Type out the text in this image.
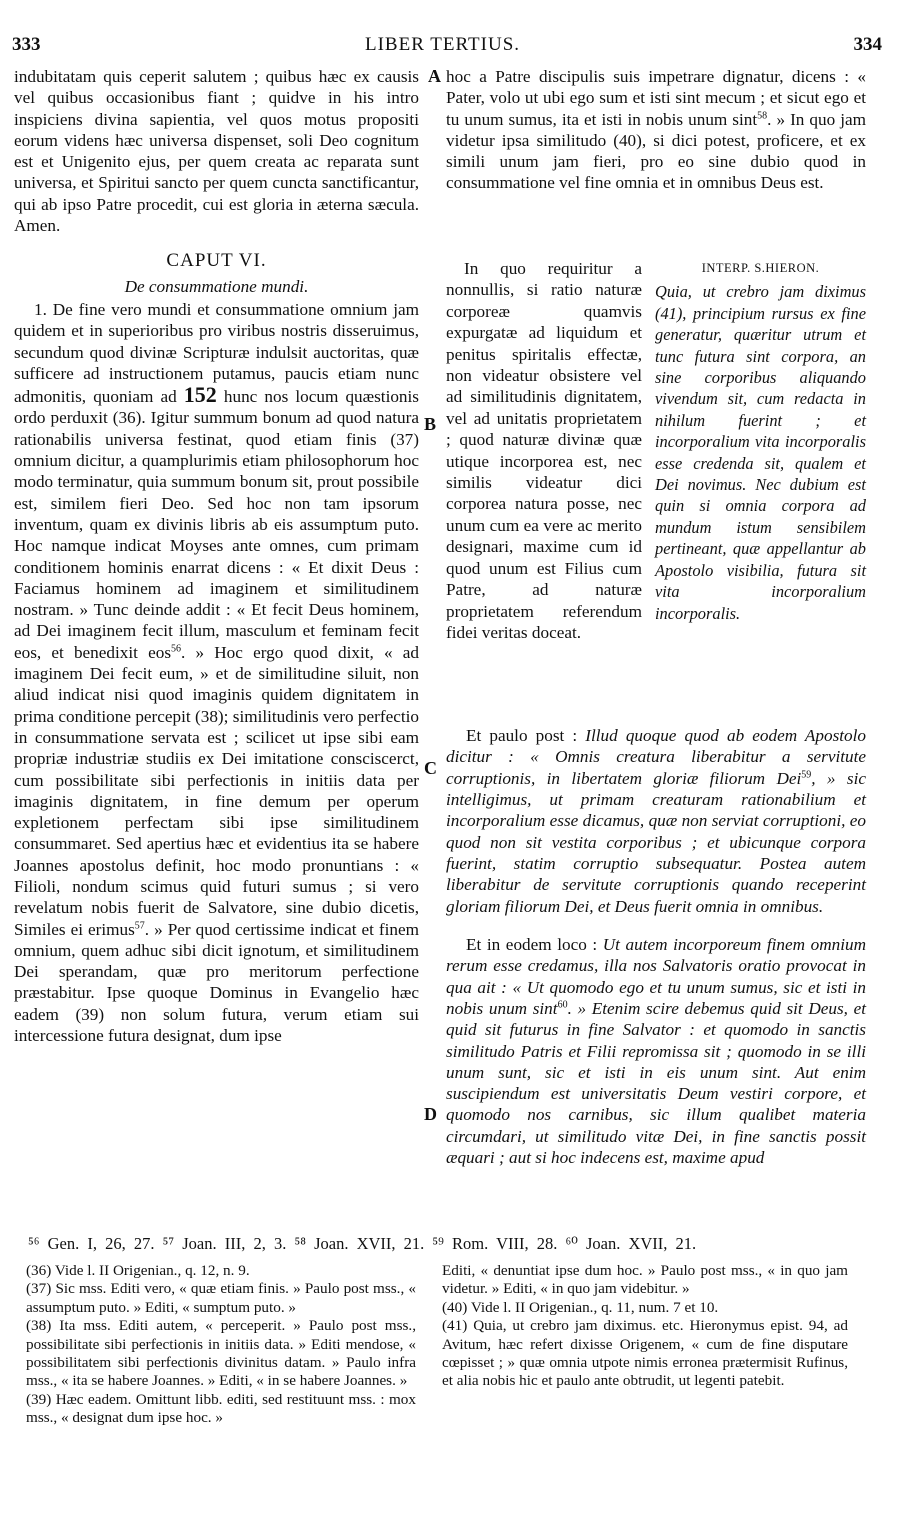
333	LIBER TERTIUS.	334

indubitatam quis ceperit salutem ; quibus hæc ex causis vel quibus occasionibus fiant ; quidve in his intro inspiciens divina sapientia, vel quos motus propositi eorum videns hæc universa dispenset, soli Deo cognitum est et Unigenito ejus, per quem creata ac reparata sunt universa, et Spiritui sancto per quem cuncta sanctificantur, qui ab ipso Patre procedit, cui est gloria in æterna sæcula. Amen.

CAPUT VI.
De consummatione mundi.

1. De fine vero mundi et consummatione omnium jam quidem et in superioribus pro viribus nostris disseruimus, secundum quod divinæ Scripturæ indulsit auctoritas, quæ sufficere ad instructionem putamus, paucis etiam nunc admonitis, quoniam ad 152 hunc nos locum quæstionis ordo perduxit (36). Igitur summum bonum ad quod natura rationabilis universa festinat, quod etiam finis (37) omnium dicitur, a quamplurimis etiam philosophorum hoc modo terminatur, quia summum bonum sit, prout possibile est, similem fieri Deo. Sed hoc non tam ipsorum inventum, quam ex divinis libris ab eis assumptum puto. Hoc namque indicat Moyses ante omnes, cum primam conditionem hominis enarrat dicens : « Et dixit Deus : Faciamus hominem ad imaginem et similitudinem nostram. » Tunc deinde addit : « Et fecit Deus hominem, ad Dei imaginem fecit illum, masculum et feminam fecit eos, et benedixit eos$^{56}$. » Hoc ergo quod dixit, « ad imaginem Dei fecit eum, » et de similitudine siluit, non aliud indicat nisi quod imaginis quidem dignitatem in prima conditione percepit (38); similitudinis vero perfectio in consummatione servata est ; scilicet ut ipse sibi eam propriæ industriæ studiis ex Dei imitatione consciscerct, cum possibilitate sibi perfectionis in initiis data per imaginis dignitatem, in fine demum per operum expletionem perfectam sibi ipse similitudinem consummaret. Sed apertius hæc et evidentius ita se habere Joannes apostolus definit, hoc modo pronuntians : « Filioli, nondum scimus quid futuri sumus ; si vero revelatum nobis fuerit de Salvatore, sine dubio dicetis, Similes ei erimus$^{57}$. » Per quod certissime indicat et finem omnium, quem adhuc sibi dicit ignotum, et similitudinem Dei sperandam, quæ pro meritorum perfectione præstabitur. Ipse quoque Dominus in Evangelio hæc eadem (39) non solum futura, verum etiam sui intercessione futura designat, dum ipse

hoc a Patre discipulis suis impetrare dignatur, dicens : « Pater, volo ut ubi ego sum et isti sint mecum ; et sicut ego et tu unum sumus, ita et isti in nobis unum sint$^{58}$. » In quo jam videtur ipsa similitudo (40), si dici potest, proficere, et ex simili unum jam fieri, pro eo sine dubio quod in consummatione vel fine omnia et in omnibus Deus est.

In quo requiritur a nonnullis, si ratio naturæ corporeæ quamvis expurgatæ ad liquidum et penitus spiritalis effectæ, non videatur obsistere vel ad similitudinis dignitatem, vel ad unitatis proprietatem ; quod naturæ divinæ quæ utique incorporea est, nec similis videatur dici corporea natura posse, nec unum cum ea vere ac merito designari, maxime cum id quod unum est Filius cum Patre, ad naturæ proprietatem referendum fidei veritas doceat.
INTERP. S.HIERON.
Quia, ut crebro jam diximus (41), principium rursus ex fine generatur, quæritur utrum et tunc futura sint corpora, an sine corporibus aliquando vivendum sit, cum redacta in nihilum fuerint ; et incorporalium vita incorporalis esse credenda sit, qualem et Dei novimus. Nec dubium est quin si omnia corpora ad mundum istum sensibilem pertineant, quæ appellantur ab Apostolo visibilia, futura sit vita incorporalium incorporalis.

Et paulo post : Illud quoque quod ab eodem Apostolo dicitur : « Omnis creatura liberabitur a servitute corruptionis, in libertatem gloriæ filiorum Dei$^{59}$, » sic intelligimus, ut primam creaturam rationabilium et incorporalium esse dicamus, quæ non serviat corruptioni, eo quod non sit vestita corporibus ; et ubicunque corpora fuerint, statim corruptio subsequatur. Postea autem liberabitur de servitute corruptionis quando receperint gloriam filiorum Dei, et Deus fuerit omnia in omnibus.

Et in eodem loco : Ut autem incorporeum finem omnium rerum esse credamus, illa nos Salvatoris oratio provocat in qua ait : « Ut quomodo ego et tu unum sumus, sic et isti in nobis unum sint$^{60}$. » Etenim scire debemus quid sit Deus, et quid sit futurus in fine Salvator : et quomodo in sanctis similitudo Patris et Filii repromissa sit ; quomodo in se illi unum sunt, sic et isti in eis unum sint. Aut enim suscipiendum est universitatis Deum vestiri corpore, et quomodo nos carnibus, sic illum qualibet materia circumdari, ut similitudo vitæ Dei, in fine sanctis possit æquari ; aut si hoc indecens est, maxime apud

A
B
C
D
⁵⁶ Gen. I, 26, 27. ⁵⁷ Joan. III, 2, 3. ⁵⁸ Joan. XVII, 21. ⁵⁹ Rom. VIII, 28. ⁶⁰ Joan. XVII, 21.

(36) Vide l. II Origenian., q. 12, n. 9.

(37) Sic mss. Editi vero, « quæ etiam finis. » Paulo post mss., « assumptum puto. » Editi, « sumptum puto. »

(38) Ita mss. Editi autem, « perceperit. » Paulo post mss., possibilitate sibi perfectionis in initiis data. » Editi mendose, « possibilitatem sibi perfectionis divinitus datam. » Paulo infra mss., « ita se habere Joannes. » Editi, « in se habere Joannes. »

(39) Hæc eadem. Omittunt libb. editi, sed restituunt mss. : mox mss., « designat dum ipse hoc. »

Editi, « denuntiat ipse dum hoc. » Paulo post mss., « in quo jam videtur. » Editi, « in quo jam videbitur. »

(40) Vide l. II Origenian., q. 11, num. 7 et 10.

(41) Quia, ut crebro jam diximus. etc. Hieronymus epist. 94, ad Avitum, hæc refert dixisse Origenem, « cum de fine disputare cœpisset ; » quæ omnia utpote nimis erronea prætermisit Rufinus, et alia nobis hic et paulo ante obtrudit, ut legenti patebit.
